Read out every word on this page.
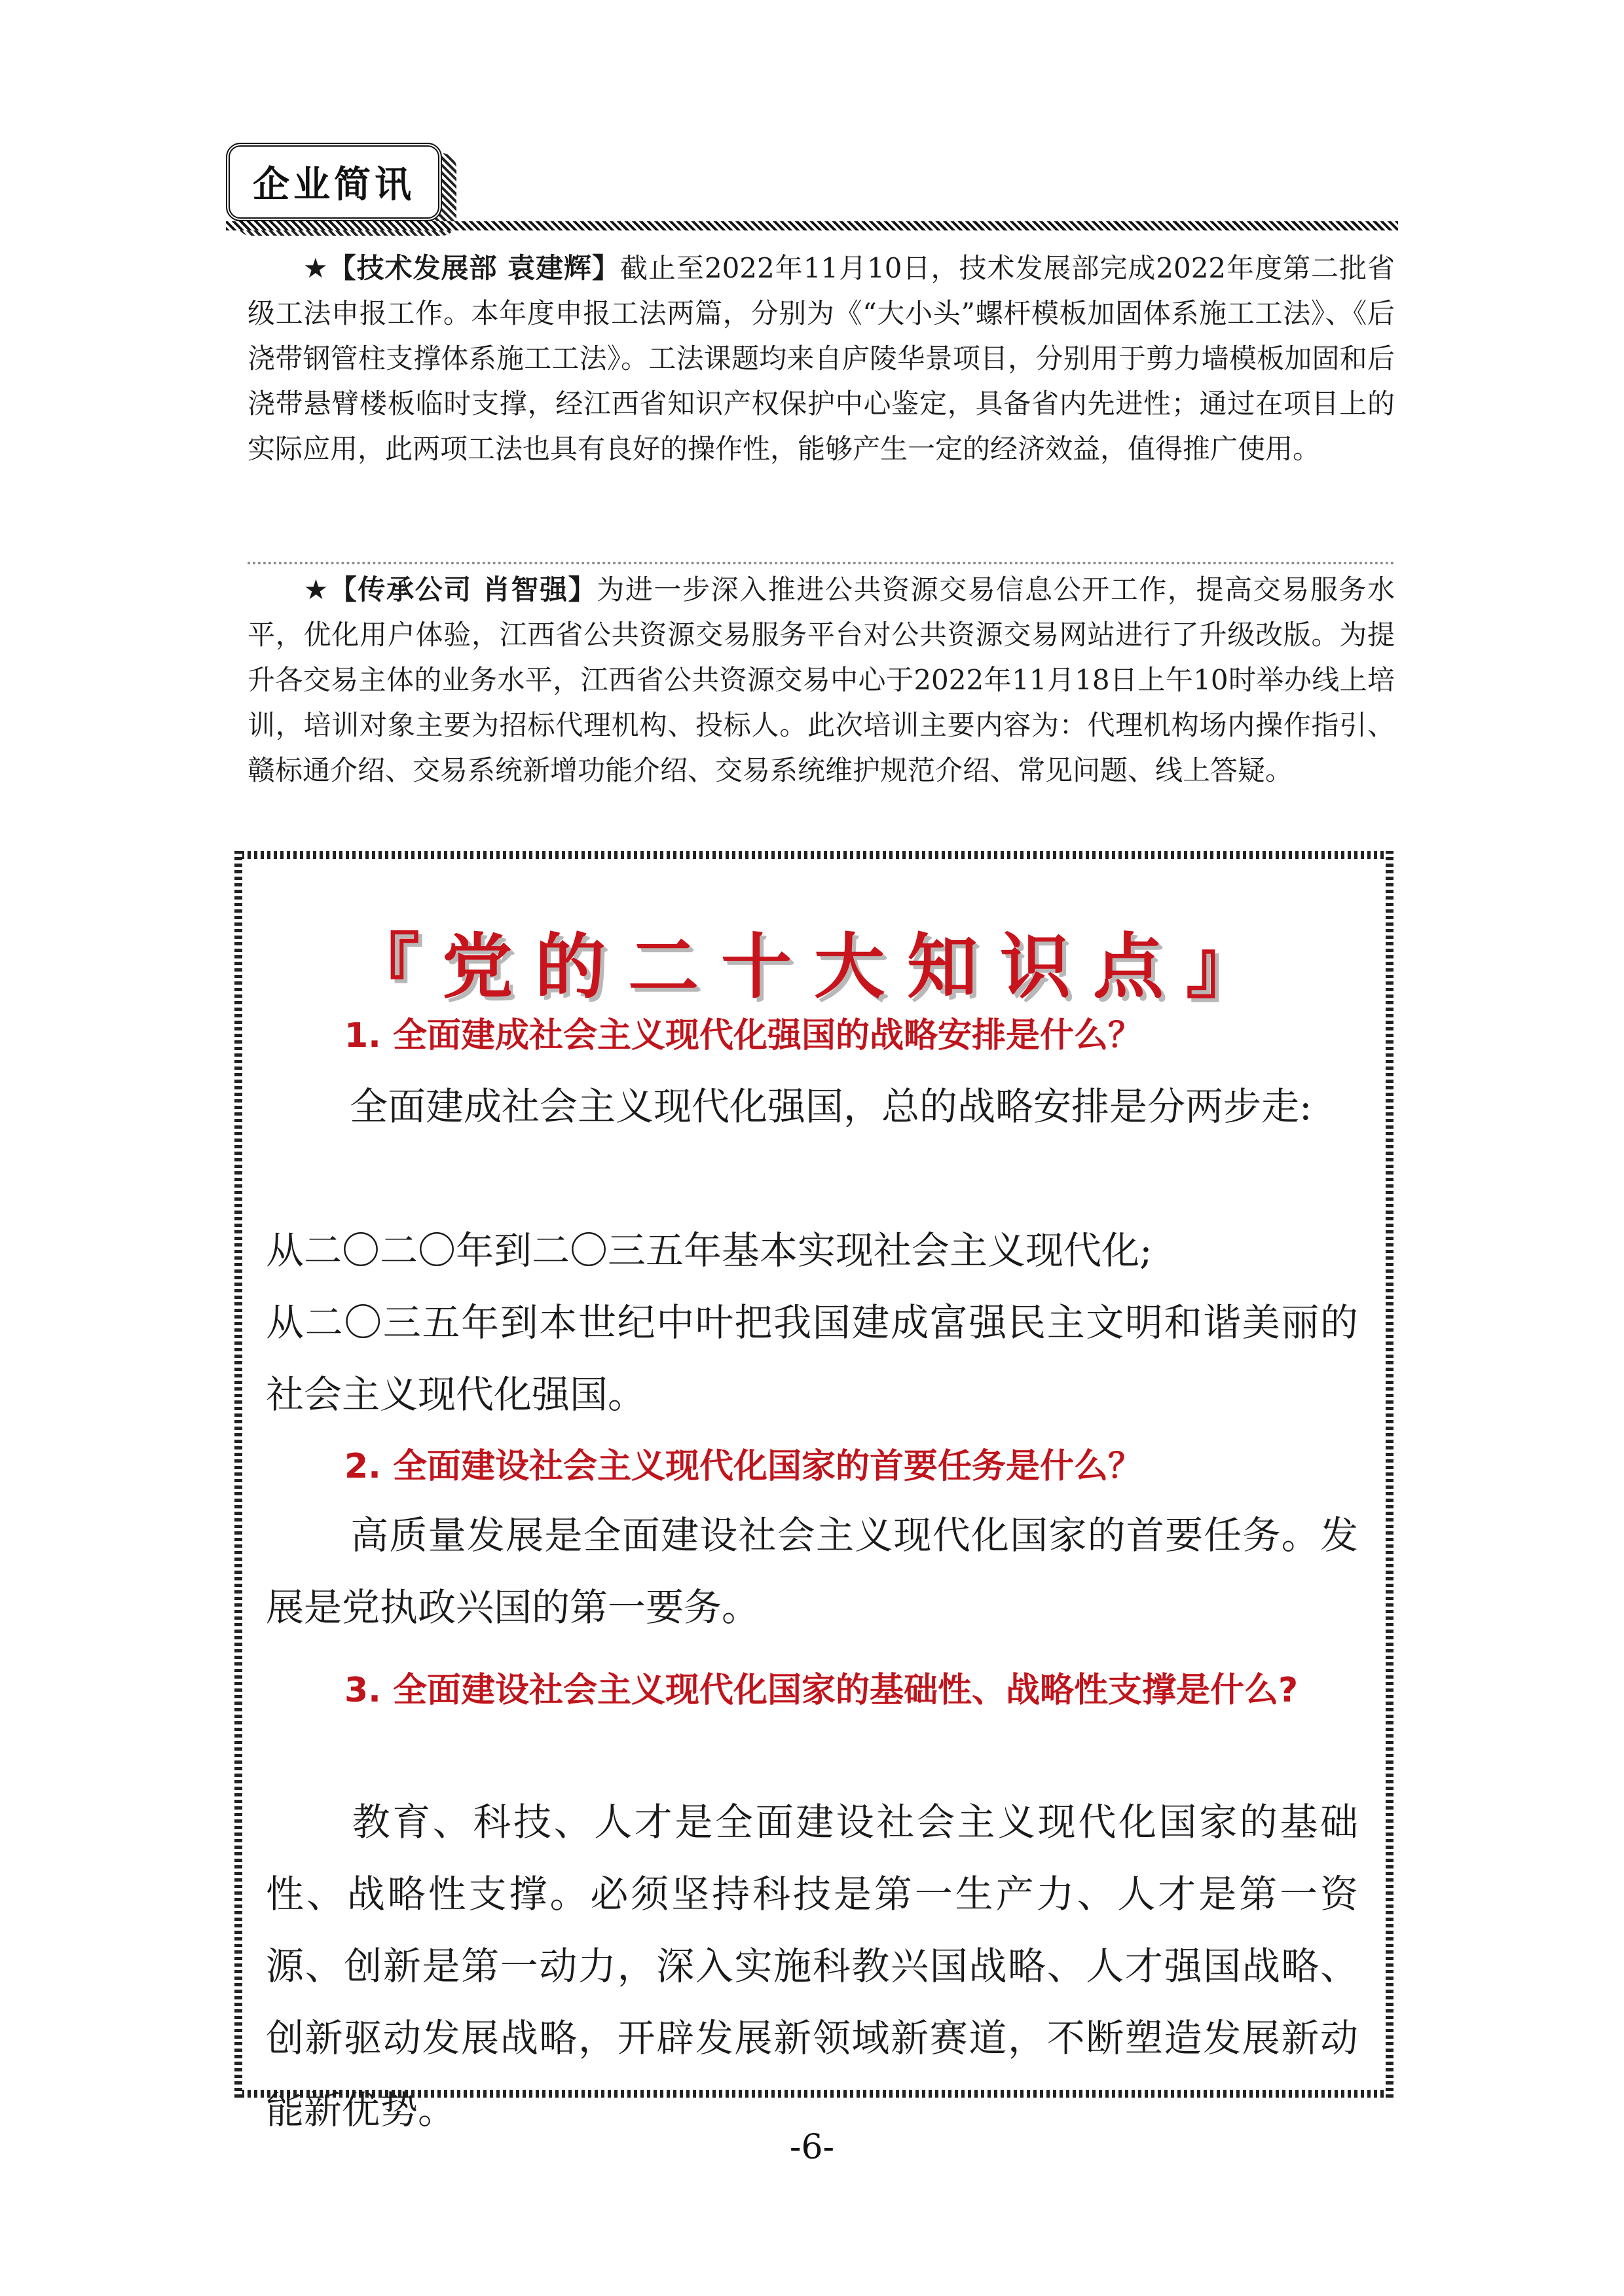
企业简讯

★【技术发展部 袁建辉】截止至2022年11月10日，技术发展部完成2022年度第二批省级工法申报工作。本年度申报工法两篇，分别为《“大小头”螺杆模板加固体系施工工法》、《后浇带钢管柱支撑体系施工工法》。工法课题均来自庐陵华景项目，分别用于剪力墙模板加固和后浇带悬臂楼板临时支撑，经江西省知识产权保护中心鉴定，具备省内先进性；通过在项目上的实际应用，此两项工法也具有良好的操作性，能够产生一定的经济效益，值得推广使用。

★【传承公司 肖智强】为进一步深入推进公共资源交易信息公开工作，提高交易服务水平，优化用户体验，江西省公共资源交易服务平台对公共资源交易网站进行了升级改版。为提升各交易主体的业务水平，江西省公共资源交易中心于2022年11月18日上午10时举办线上培训，培训对象主要为招标代理机构、投标人。此次培训主要内容为：代理机构场内操作指引、赣标通介绍、交易系统新增功能介绍、交易系统维护规范介绍、常见问题、线上答疑。

『党的二十大知识点』

1. 全面建成社会主义现代化强国的战略安排是什么？

全面建成社会主义现代化强国，总的战略安排是分两步走:

从二〇二〇年到二〇三五年基本实现社会主义现代化;

从二〇三五年到本世纪中叶把我国建成富强民主文明和谐美丽的社会主义现代化强国。

2. 全面建设社会主义现代化国家的首要任务是什么？

高质量发展是全面建设社会主义现代化国家的首要任务。发展是党执政兴国的第一要务。

3. 全面建设社会主义现代化国家的基础性、战略性支撑是什么?

教育、科技、人才是全面建设社会主义现代化国家的基础性、战略性支撑。必须坚持科技是第一生产力、人才是第一资源、创新是第一动力，深入实施科教兴国战略、人才强国战略、创新驱动发展战略，开辟发展新领域新赛道，不断塑造发展新动能新优势。

-6-
